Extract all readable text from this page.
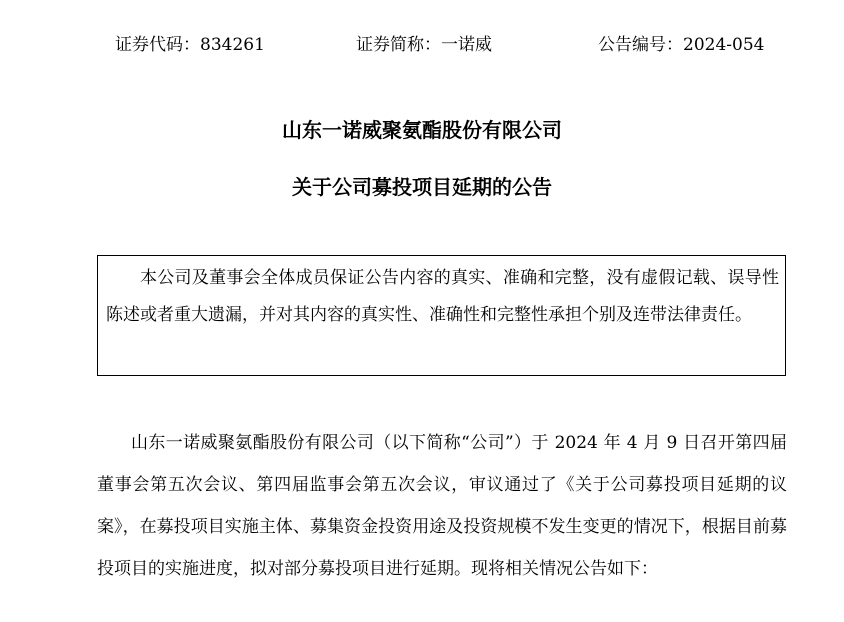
证券代码：834261	证券简称：一诺威	公告编号：2024-054
山东一诺威聚氨酯股份有限公司
关于公司募投项目延期的公告

本公司及董事会全体成员保证公告内容的真实、准确和完整，没有虚假记载、误导性陈述或者重大遗漏，并对其内容的真实性、准确性和完整性承担个别及连带法律责任。

山东一诺威聚氨酯股份有限公司（以下简称“公司”）于 2024 年 4 月 9 日召开第四届董事会第五次会议、第四届监事会第五次会议，审议通过了《关于公司募投项目延期的议案》，在募投项目实施主体、募集资金投资用途及投资规模不发生变更的情况下，根据目前募投项目的实施进度，拟对部分募投项目进行延期。现将相关情况公告如下：
